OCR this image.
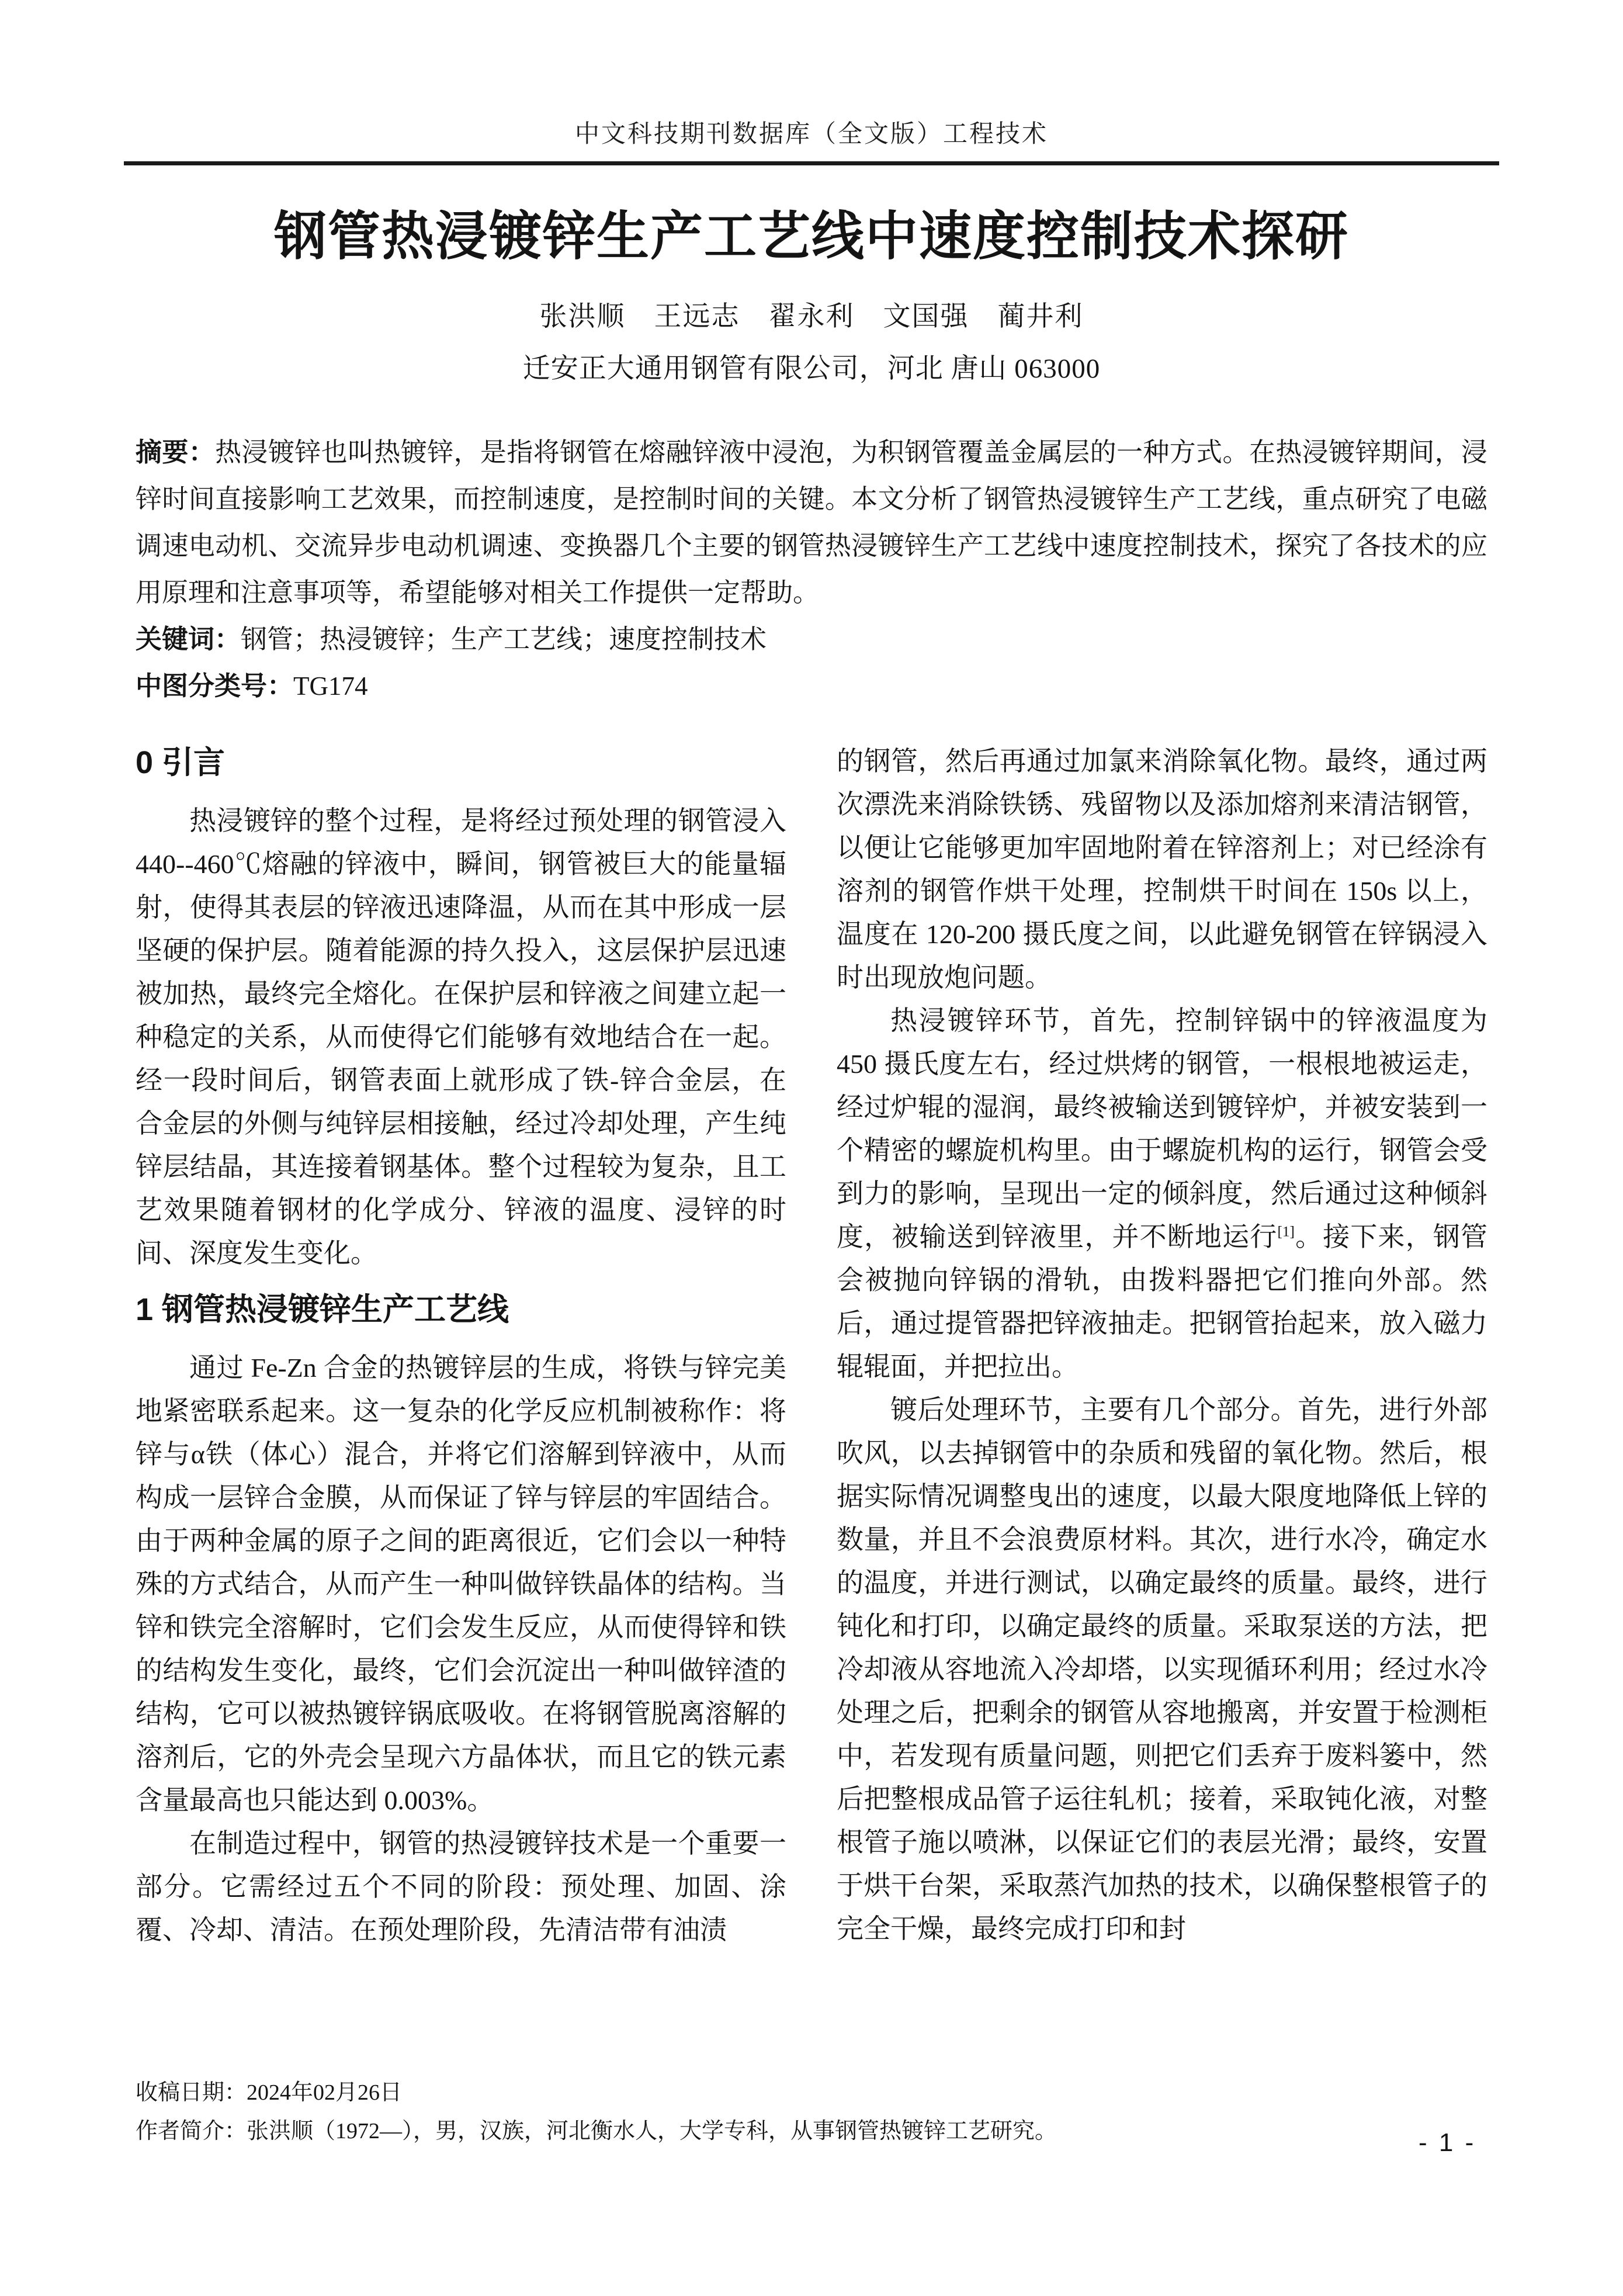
中文科技期刊数据库（全文版）工程技术
钢管热浸镀锌生产工艺线中速度控制技术探研
张洪顺　王远志　翟永利　文国强　蔺井利
迁安正大通用钢管有限公司，河北 唐山 063000

摘要：热浸镀锌也叫热镀锌，是指将钢管在熔融锌液中浸泡，为积钢管覆盖金属层的一种方式。在热浸镀锌期间，浸锌时间直接影响工艺效果，而控制速度，是控制时间的关键。本文分析了钢管热浸镀锌生产工艺线，重点研究了电磁调速电动机、交流异步电动机调速、变换器几个主要的钢管热浸镀锌生产工艺线中速度控制技术，探究了各技术的应用原理和注意事项等，希望能够对相关工作提供一定帮助。

关键词：钢管；热浸镀锌；生产工艺线；速度控制技术

中图分类号：TG174

0 引言

热浸镀锌的整个过程，是将经过预处理的钢管浸入 440--460℃熔融的锌液中，瞬间，钢管被巨大的能量辐射，使得其表层的锌液迅速降温，从而在其中形成一层坚硬的保护层。随着能源的持久投入，这层保护层迅速被加热，最终完全熔化。在保护层和锌液之间建立起一种稳定的关系，从而使得它们能够有效地结合在一起。经一段时间后，钢管表面上就形成了铁-锌合金层，在合金层的外侧与纯锌层相接触，经过冷却处理，产生纯锌层结晶，其连接着钢基体。整个过程较为复杂，且工艺效果随着钢材的化学成分、锌液的温度、浸锌的时间、深度发生变化。

1 钢管热浸镀锌生产工艺线

通过 Fe-Zn 合金的热镀锌层的生成，将铁与锌完美地紧密联系起来。这一复杂的化学反应机制被称作：将锌与α铁（体心）混合，并将它们溶解到锌液中，从而构成一层锌合金膜，从而保证了锌与锌层的牢固结合。由于两种金属的原子之间的距离很近，它们会以一种特殊的方式结合，从而产生一种叫做锌铁晶体的结构。当锌和铁完全溶解时，它们会发生反应，从而使得锌和铁的结构发生变化，最终，它们会沉淀出一种叫做锌渣的结构，它可以被热镀锌锅底吸收。在将钢管脱离溶解的溶剂后，它的外壳会呈现六方晶体状，而且它的铁元素含量最高也只能达到 0.003%。

在制造过程中，钢管的热浸镀锌技术是一个重要一部分。它需经过五个不同的阶段：预处理、加固、涂覆、冷却、清洁。在预处理阶段，先清洁带有油渍

的钢管，然后再通过加氯来消除氧化物。最终，通过两次漂洗来消除铁锈、残留物以及添加熔剂来清洁钢管，以便让它能够更加牢固地附着在锌溶剂上；对已经涂有溶剂的钢管作烘干处理，控制烘干时间在 150s 以上，温度在 120-200 摄氏度之间，以此避免钢管在锌锅浸入时出现放炮问题。

热浸镀锌环节，首先，控制锌锅中的锌液温度为 450 摄氏度左右，经过烘烤的钢管，一根根地被运走，经过炉辊的湿润，最终被输送到镀锌炉，并被安装到一个精密的螺旋机构里。由于螺旋机构的运行，钢管会受到力的影响，呈现出一定的倾斜度，然后通过这种倾斜度，被输送到锌液里，并不断地运行[1]。接下来，钢管会被抛向锌锅的滑轨，由拨料器把它们推向外部。然后，通过提管器把锌液抽走。把钢管抬起来，放入磁力辊辊面，并把拉出。

镀后处理环节，主要有几个部分。首先，进行外部吹风，以去掉钢管中的杂质和残留的氧化物。然后，根据实际情况调整曳出的速度，以最大限度地降低上锌的数量，并且不会浪费原材料。其次，进行水冷，确定水的温度，并进行测试，以确定最终的质量。最终，进行钝化和打印，以确定最终的质量。采取泵送的方法，把冷却液从容地流入冷却塔，以实现循环利用；经过水冷处理之后，把剩余的钢管从容地搬离，并安置于检测柜中，若发现有质量问题，则把它们丢弃于废料篓中，然后把整根成品管子运往轧机；接着，采取钝化液，对整根管子施以喷淋，以保证它们的表层光滑；最终，安置于烘干台架，采取蒸汽加热的技术，以确保整根管子的完全干燥，最终完成打印和封

收稿日期：2024年02月26日

作者简介：张洪顺（1972—），男，汉族，河北衡水人，大学专科，从事钢管热镀锌工艺研究。	- 1 -
